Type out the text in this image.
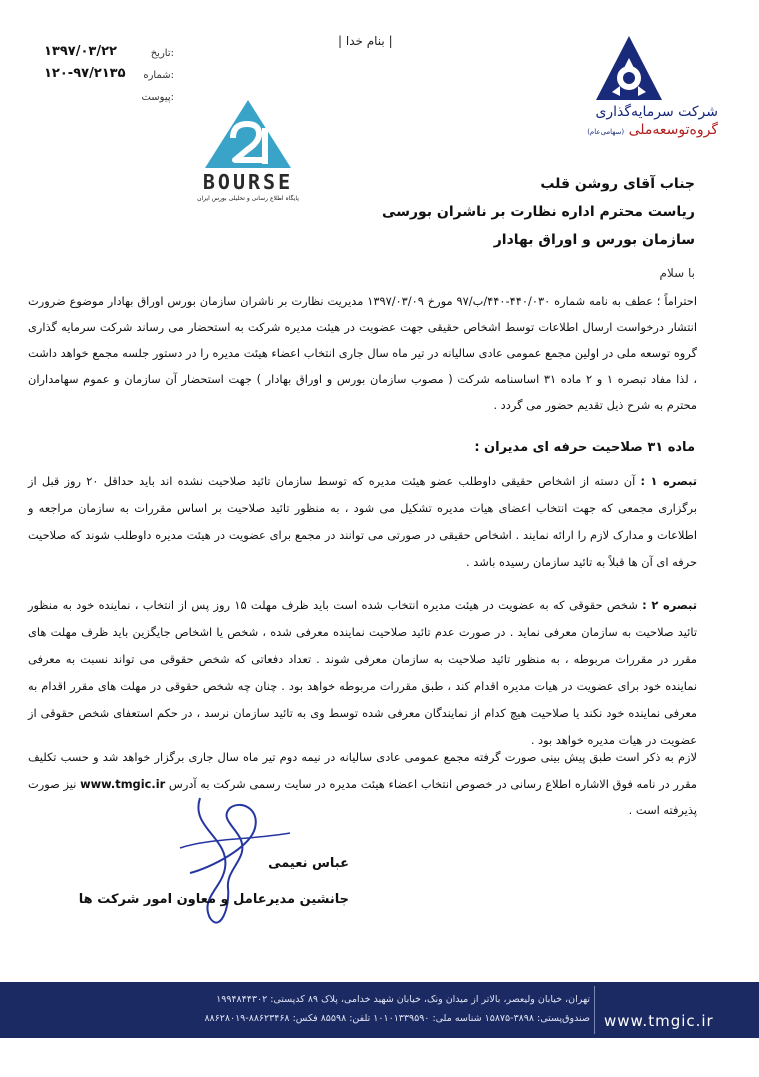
| بنام خدا |
۱۳۹۷/۰۳/۲۲	تاریخ:
۱۲۰-۹۷/۲۱۳۵ شماره:
پیوست:
شرکت سرمایه‌گذاری
گروه‌توسعه‌ملی (سهامی‌عام)
BOURSE
پایگاه اطلاع رسانی و تحلیلی بورس ایران
جناب آقای روشن قلب
ریاست محترم اداره نظارت بر ناشران بورسی
سازمان بورس و اوراق بهادار
با سلام
احتراماً ؛ عطف به نامه شماره ۴۴۰/۰۳۰-۴۴۰/ب/۹۷ مورخ ۱۳۹۷/۰۳/۰۹ مدیریت نظارت بر ناشران سازمان بورس اوراق بهادار موضوع ضرورت انتشار درخواست ارسال اطلاعات توسط اشخاص حقیقی جهت عضویت در هیئت مدیره شرکت به استحضار می رساند شرکت سرمایه گذاری گروه توسعه ملی در اولین مجمع عمومی عادی سالیانه در تیر ماه سال جاری انتخاب اعضاء هیئت مدیره را در دستور جلسه مجمع خواهد داشت ، لذا مفاد تبصره ۱ و ۲ ماده ۳۱ اساسنامه شرکت ( مصوب سازمان بورس و اوراق بهادار ) جهت استحضار آن سازمان و عموم سهامداران محترم به شرح ذیل تقدیم حضور می گردد .
ماده ۳۱ صلاحیت حرفه ای مدیران :
تبصره ۱ : آن دسته از اشخاص حقیقی داوطلب عضو هیئت مدیره که توسط سازمان تائید صلاحیت نشده اند باید حداقل ۲۰ روز قبل از برگزاری مجمعی که جهت انتخاب اعضای هیات مدیره تشکیل می شود ، به منظور تائید صلاحیت بر اساس مقررات به سازمان مراجعه و اطلاعات و مدارک لازم را ارائه نمایند . اشخاص حقیقی در صورتی می توانند در مجمع برای عضویت در هیئت مدیره داوطلب شوند که صلاحیت حرفه ای آن ها قبلاً به تائید سازمان رسیده باشد .
تبصره ۲ : شخص حقوقی که به عضویت در هیئت مدیره انتخاب شده است باید ظرف مهلت ۱۵ روز پس از انتخاب ، نماینده خود به منظور تائید صلاحیت به سازمان معرفی نماید . در صورت عدم تائید صلاحیت نماینده معرفی شده ، شخص یا اشخاص جایگزین باید ظرف مهلت های مقرر در مقررات مربوطه ، به منظور تائید صلاحیت به سازمان معرفی شوند . تعداد دفعاتی که شخص حقوقی می تواند نسبت به معرفی نماینده خود برای عضویت در هیات مدیره اقدام کند ، طبق مقررات مربوطه خواهد بود . چنان چه شخص حقوقی در مهلت های مقرر اقدام به معرفی نماینده خود نکند یا صلاحیت هیچ کدام از نمایندگان معرفی شده توسط وی به تائید سازمان نرسد ، در حکم استعفای شخص حقوقی از عضویت در هیات مدیره خواهد بود .
لازم به ذکر است طبق پیش بینی صورت گرفته مجمع عمومی عادی سالیانه در نیمه دوم تیر ماه سال جاری برگزار خواهد شد و حسب تکلیف مقرر در نامه فوق الاشاره اطلاع رسانی در خصوص انتخاب اعضاء هیئت مدیره در سایت رسمی شرکت به آدرس www.tmgic.ir نیز صورت پذیرفته است .
عباس نعیمی
جانشین مدیرعامل و معاون امور شرکت ها
تهران، خیابان ولیعصر، بالاتر از میدان ونک، خیابان شهید خدامی، پلاک ۸۹ کدپستی: ۱۹۹۴۸۴۴۳۰۲
صندوق‌پستی: ۳۸۹۸-۱۵۸۷۵ شناسه ملی: ۱۰۱۰۱۳۳۹۵۹۰ تلفن: ۸۵۵۹۸ فکس: ۸۸۶۲۳۴۶۸-۸۸۶۲۸۰۱۹ www.tmgic.ir
